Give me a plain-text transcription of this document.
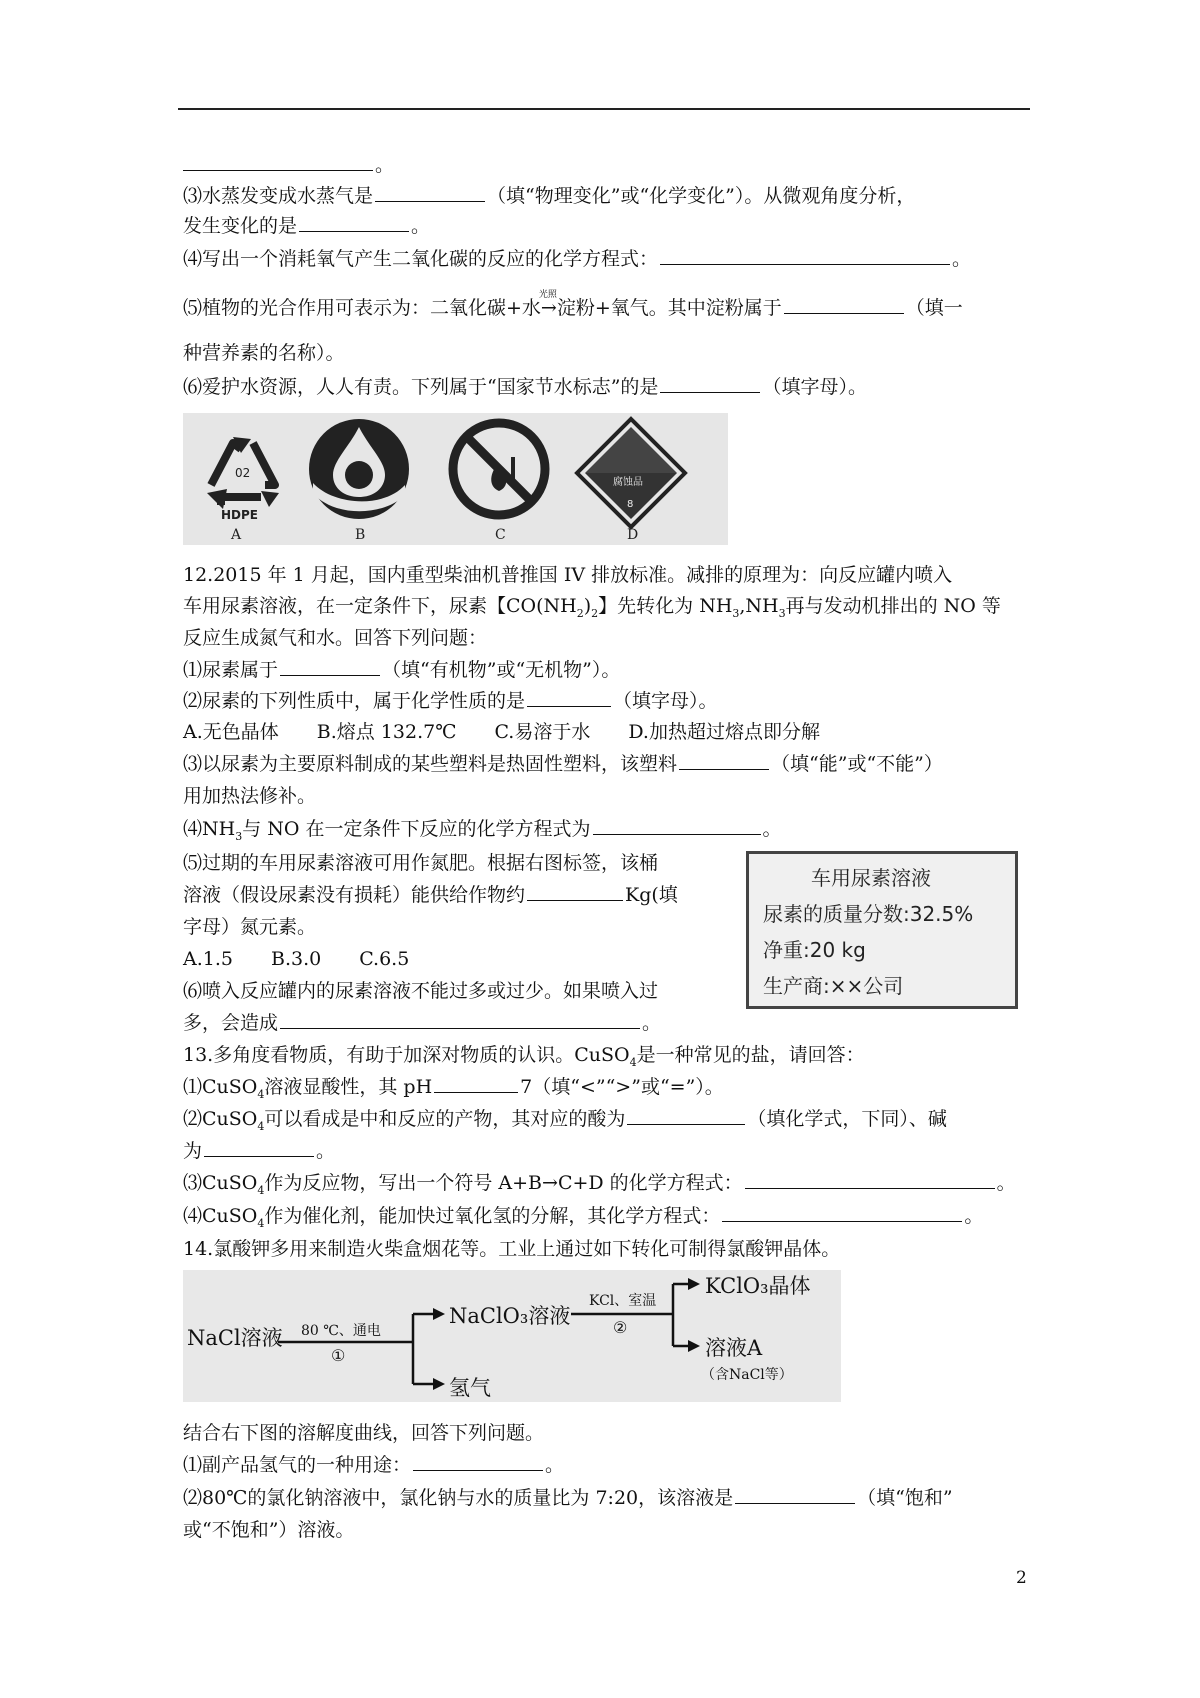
。
⑶水蒸发变成水蒸气是	（填“物理变化”或“化学变化”）。从微观角度分析，
发生变化的是	。
⑷写出一个消耗氧气产生二氧化碳的反应的化学方程式：	。
⑸植物的光合作用可表示为：二氧化碳+水
光照
→淀粉+氧气。其中淀粉属于	（填一
种营养素的名称）。
⑹爱护水资源，人人有责。下列属于“国家节水标志”的是	（填字母）。
02
HDPE
腐蚀品
8
A	B	C	D
12.2015 年 1 月起，国内重型柴油机普推国 IV 排放标准。减排的原理为：向反应罐内喷入
车用尿素溶液，在一定条件下，尿素【$CO(NH_2)_2$】先转化为 $NH_3,NH_3$再与发动机排出的 NO 等
反应生成氮气和水。回答下列问题：
⑴尿素属于	（填“有机物”或“无机物”）。
⑵尿素的下列性质中，属于化学性质的是	（填字母）。
A.无色晶体　　B.熔点 132.7℃　　C.易溶于水　　D.加热超过熔点即分解
⑶以尿素为主要原料制成的某些塑料是热固性塑料，该塑料	（填“能”或“不能”）
用加热法修补。
$⑷NH_3$与 NO 在一定条件下反应的化学方程式为	。
⑸过期的车用尿素溶液可用作氮肥。根据右图标签，该桶
溶液（假设尿素没有损耗）能供给作物约	Kg(填
字母）氮元素。
A.1.5　　B.3.0　　C.6.5
⑹喷入反应罐内的尿素溶液不能过多或过少。如果喷入过
多，会造成	。
车用尿素溶液
尿素的质量分数:32.5%
净重:20 kg
生产商:××公司
13.多角度看物质，有助于加深对物质的认识。CuSO$_4$是一种常见的盐，请回答：
⑴CuSO$_4$溶液显酸性，其 pH	7（填“<”“>”或“=”）。
⑵CuSO$_4$可以看成是中和反应的产物，其对应的酸为	（填化学式，下同）、碱
为	。
⑶CuSO$_4$作为反应物，写出一个符号 A+B→C+D 的化学方程式：	。
⑷CuSO$_4$作为催化剂，能加快过氧化氢的分解，其化学方程式：	。
14.氯酸钾多用来制造火柴盒烟花等。工业上通过如下转化可制得氯酸钾晶体。
NaCl溶液 80 ℃、通电
①
NaClO₃溶液
氢气
KCl、室温
②
KClO₃晶体
溶液A
（含NaCl等）
结合右下图的溶解度曲线，回答下列问题。
⑴副产品氢气的一种用途：	。
⑵80℃的氯化钠溶液中，氯化钠与水的质量比为 7:20，该溶液是	（填“饱和”
或“不饱和”）溶液。
2
